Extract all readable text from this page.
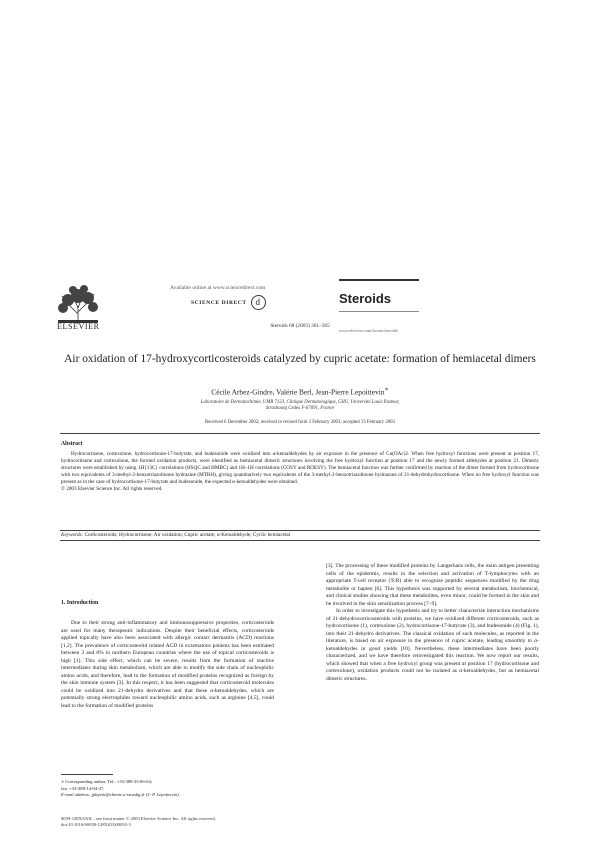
ELSEVIER
Available online at www.sciencedirect.com
SCIENCE DIRECT d	Steroids
www.elsevier.com/locate/steroids
Steroids 68 (2003) 361–365
Air oxidation of 17-hydroxycorticosteroids catalyzed by cupric acetate: formation of hemiacetal dimers
Cécile Arbez-Gindre, Valérie Berl, Jean-Pierre Lepoittevin∗
Laboratoire de Dermatochimie, UMR 7123, Clinique Dermatologique, CHU, Université Louis Pasteur,
Strasbourg Cedex F-67091, France
Received 6 December 2002; received in revised form 3 February 2003; accepted 13 February 2003
Abstract
Hydrocortisone, cortexolone, hydrocortisone-17-butyrate, and budesonide were oxidized into α-ketoaldehydes by air exposure in the presence of Cu(OAc)2. When free hydroxyl functions were present at position 17, hydrocortisone and cortexolone, the formed oxidation products, were identified as hemiacetal dimeric structures involving the free hydroxyl function at position 17 and the newly formed aldehydes at position 21. Dimeric structures were established by using 1H{13C} correlations (HSQC and HMBC) and 1H–1H correlations (COSY and ROESY). The hemiacetal function was further confirmed by reaction of the dimer formed from hydrocortisone with two equivalents of 3-methyl-2-benzotriazolinone hydrazine (MTBH), giving quantitatively two equivalents of the 3-methyl-2-benzotriazolinone hydrazone of 21-dehydrohydrocortisone. When no free hydroxyl function was present as in the case of hydrocortisone-17-butyrate and budesonide, the expected α-ketoaldehydes were obtained.
© 2003 Elsevier Science Inc. All rights reserved.
Keywords: Corticosteroids; Hydrocortisone; Air oxidation; Cupric acetate; α-Ketoaldehyde; Cyclic hemiacetal
1. Introduction

Due to their strong anti-inflammatory and immunosuppressive properties, corticosteroids are used for many therapeutic indications. Despite their beneficial effects, corticosteroids applied topically have also been associated with allergic contact dermatitis (ACD) reactions [1,2]. The prevalence of corticosteroid related ACD in eczematous patients has been estimated between 3 and 6% in northern European countries where the use of topical corticosteroids is high [1]. This side effect, which can be severe, results from the formation of reactive intermediates during skin metabolism, which are able to modify the side chain of nucleophilic amino acids, and therefore, lead to the formation of modified proteins recognized as foreign by the skin immune system [3]. In this respect, it has been suggested that corticosteroid molecules could be oxidized into 21-dehydro derivatives and that these α-ketoaldehydes, which are potentially strong electrophiles toward nucleophilic amino acids, such as arginine [4,5], could lead to the formation of modified proteins

[3]. The processing of these modified proteins by Langerhans cells, the main antigen presenting cells of the epidermis, results in the selection and activation of T-lymphocytes with an appropriate T-cell receptor (TcR) able to recognize peptidic sequences modified by the drug metabolite or hapten [6]. This hypothesis was supported by several metabolism, biochemical, and clinical studies showing that these metabolites, even minor, could be formed in the skin and be involved in the skin sensitization process [7–9].

In order to investigate this hypothesis and try to better characterize interaction mechanisms of 21-dehydrocorticosteroids with proteins, we have oxidized different corticosteroids, such as hydrocortisone (1), cortexolone (2), hydrocortisone-17-butyrate (3), and budesonide (4) (Fig. 1), into their 21-dehydro derivatives. The classical oxidation of such molecules, as reported in the literature, is based on air exposure in the presence of cupric acetate, leading smoothly to α-ketoaldehydes in good yields [10]. Nevertheless, these intermediates have been poorly characterized, and we have therefore reinvestigated this reaction. We now report our results, which showed that when a free hydroxyl group was present at position 17 (hydrocortisone and cortexolone), oxidation products could not be isolated as α-ketoaldehydes, but as hemiacetal dimeric structures.

∗ Corresponding author. Tel.: +33-388-35-06-04;
fax: +33-388-14-04-47.
E-mail address: jplepoit@chimie.u-strasbg.fr (J.-P. Lepoittevin).
0039-128X/03/$ – see front matter © 2003 Elsevier Science Inc. All rights reserved.
doi:10.1016/S0039-128X(03)00033-3
